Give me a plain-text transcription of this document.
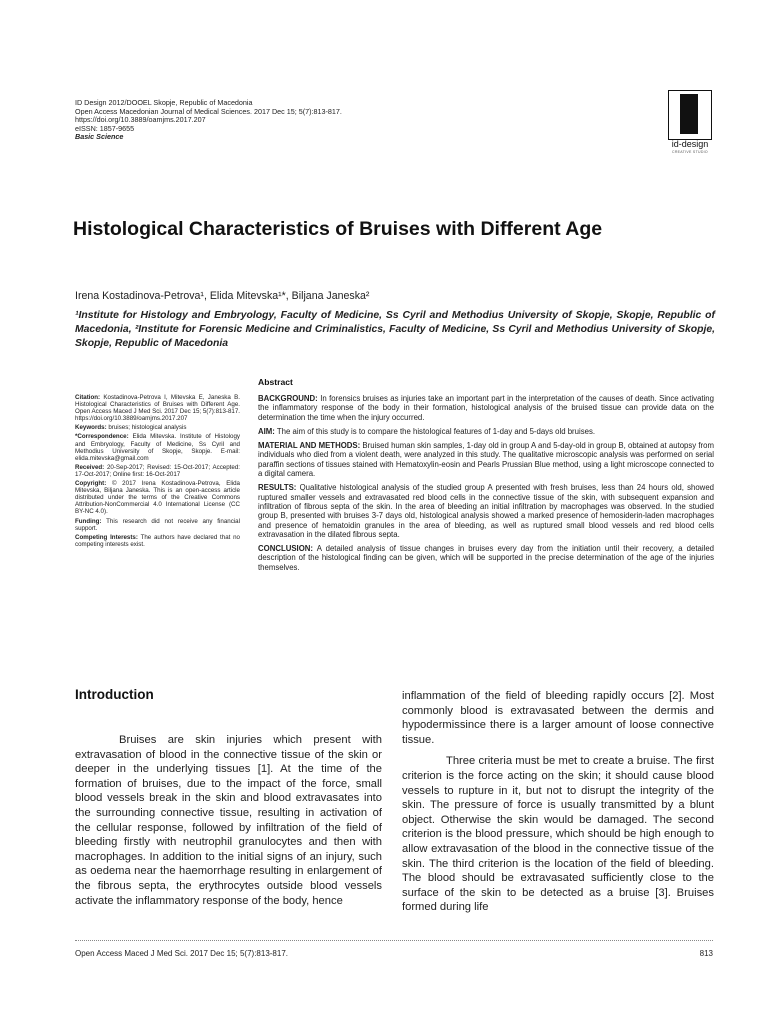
ID Design 2012/DOOEL Skopje, Republic of Macedonia
Open Access Macedonian Journal of Medical Sciences. 2017 Dec 15; 5(7):813-817.
https://doi.org/10.3889/oamjms.2017.207
eISSN: 1857-9655
Basic Science
id-design
CREATIVE STUDIO
Histological Characteristics of Bruises with Different Age
Irena Kostadinova-Petrova¹, Elida Mitevska¹*, Biljana Janeska²
¹Institute for Histology and Embryology, Faculty of Medicine, Ss Cyril and Methodius University of Skopje, Skopje, Republic of Macedonia, ²Institute for Forensic Medicine and Criminalistics, Faculty of Medicine, Ss Cyril and Methodius University of Skopje, Skopje, Republic of Macedonia

Citation: Kostadinova-Petrova I, Mitevska E, Janeska B. Histological Characteristics of Bruises with Different Age. Open Access Maced J Med Sci. 2017 Dec 15; 5(7):813-817. https://doi.org/10.3889/oamjms.2017.207

Keywords: bruises; histological analysis

*Correspondence: Elida Mitevska. Institute of Histology and Embryology, Faculty of Medicine, Ss Cyril and Methodius University of Skopje, Skopje. E-mail: elida.mitevska@gmail.com

Received: 20-Sep-2017; Revised: 15-Oct-2017; Accepted: 17-Oct-2017; Online first: 16-Oct-2017

Copyright: © 2017 Irena Kostadinova-Petrova, Elida Mitevska, Biljana Janeska. This is an open-access article distributed under the terms of the Creative Commons Attribution-NonCommercial 4.0 International License (CC BY-NC 4.0).

Funding: This research did not receive any financial support.

Competing Interests: The authors have declared that no competing interests exist.

Abstract

BACKGROUND: In forensics bruises as injuries take an important part in the interpretation of the causes of death. Since activating the inflammatory response of the body in their formation, histological analysis of the bruised tissue can provide data on the determination the time when the injury occurred.

AIM: The aim of this study is to compare the histological features of 1-day and 5-days old bruises.

MATERIAL AND METHODS: Bruised human skin samples, 1-day old in group A and 5-day-old in group B, obtained at autopsy from individuals who died from a violent death, were analyzed in this study. The qualitative microscopic analysis was performed on serial paraffin sections of tissues stained with Hematoxylin-eosin and Pearls Prussian Blue method, using a light microscope connected to a digital camera.

RESULTS: Qualitative histological analysis of the studied group A presented with fresh bruises, less than 24 hours old, showed ruptured smaller vessels and extravasated red blood cells in the connective tissue of the skin, with subsequent expansion and infiltration of fibrous septa of the skin. In the area of bleeding an initial infiltration by macrophages was observed. In the studied group B, presented with bruises 3-7 days old, histological analysis showed a marked presence of hemosiderin-laden macrophages and presence of hematoidin granules in the area of bleeding, as well as ruptured small blood vessels and red blood cells extravasation in the dilated fibrous septa.

CONCLUSION: A detailed analysis of tissue changes in bruises every day from the initiation until their recovery, a detailed description of the histological finding can be given, which will be supported in the precise determination of the age of the injuries themselves.

Introduction

Bruises are skin injuries which present with extravasation of blood in the connective tissue of the skin or deeper in the underlying tissues [1]. At the time of the formation of bruises, due to the impact of the force, small blood vessels break in the skin and blood extravasates into the surrounding connective tissue, resulting in activation of the cellular response, followed by infiltration of the field of bleeding firstly with neutrophil granulocytes and then with macrophages. In addition to the initial signs of an injury, such as oedema near the haemorrhage resulting in enlargement of the fibrous septa, the erythrocytes outside blood vessels activate the inflammatory response of the body, hence

inflammation of the field of bleeding rapidly occurs [2]. Most commonly blood is extravasated between the dermis and hypodermissince there is a larger amount of loose connective tissue.

Three criteria must be met to create a bruise. The first criterion is the force acting on the skin; it should cause blood vessels to rupture in it, but not to disrupt the integrity of the skin. The pressure of force is usually transmitted by a blunt object. Otherwise the skin would be damaged. The second criterion is the blood pressure, which should be high enough to allow extravasation of the blood in the connective tissue of the skin. The third criterion is the location of the field of bleeding. The blood should be extravasated sufficiently close to the surface of the skin to be detected as a bruise [3]. Bruises formed during life

Open Access Maced J Med Sci. 2017 Dec 15; 5(7):813-817.	813
